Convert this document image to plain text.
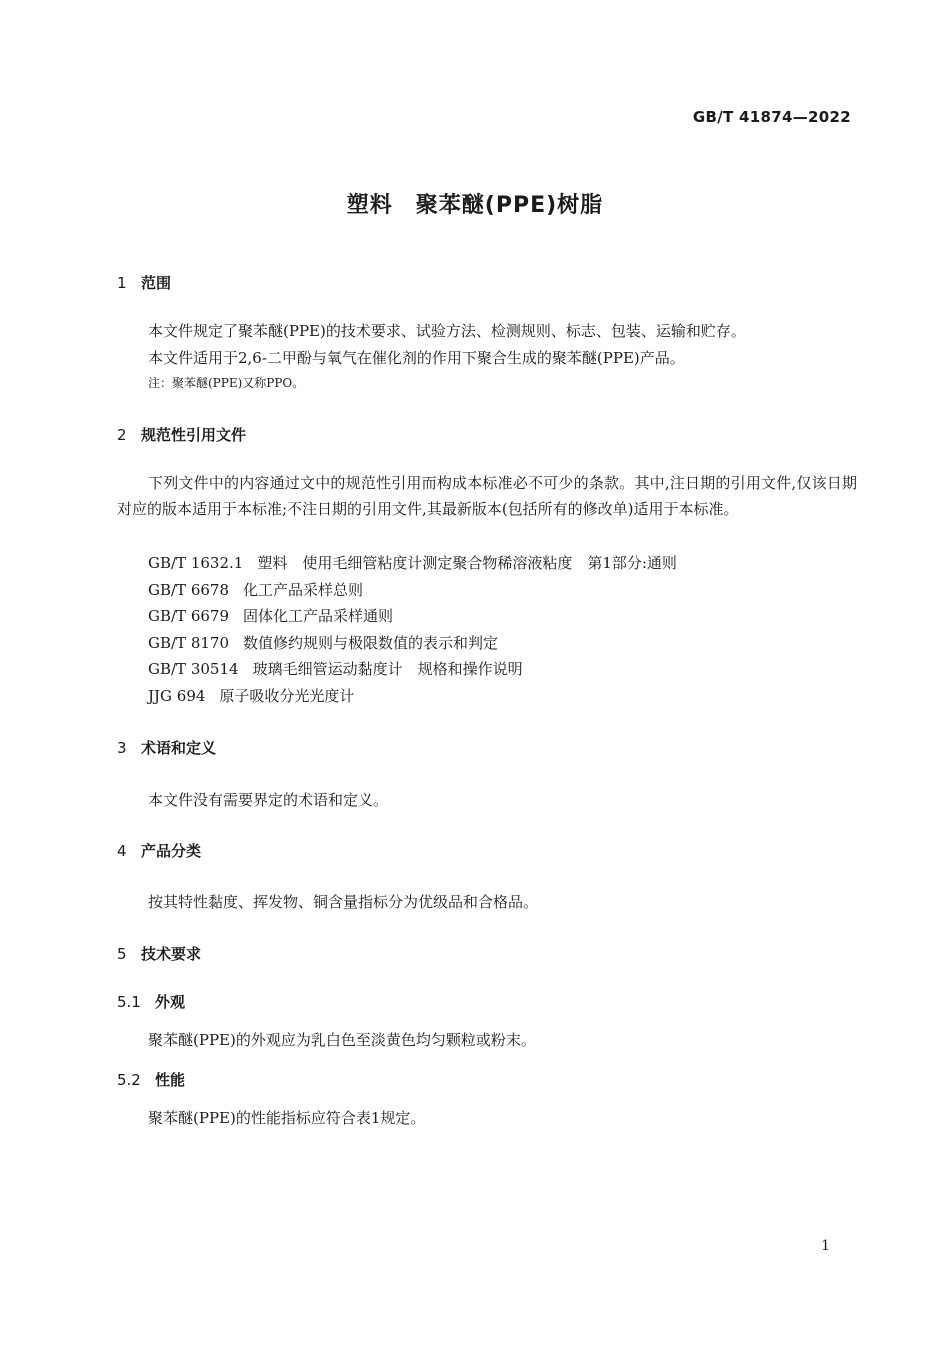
GB/T 41874—2022
塑料　聚苯醚(PPE)树脂
1 范围
本文件规定了聚苯醚(PPE)的技术要求、试验方法、检测规则、标志、包装、运输和贮存。
本文件适用于2,6-二甲酚与氧气在催化剂的作用下聚合生成的聚苯醚(PPE)产品。
注：聚苯醚(PPE)又称PPO。
2 规范性引用文件
下列文件中的内容通过文中的规范性引用而构成本标准必不可少的条款。其中,注日期的引用文件,仅该日期对应的版本适用于本标准;不注日期的引用文件,其最新版本(包括所有的修改单)适用于本标准。
GB/T 1632.1 塑料　使用毛细管粘度计测定聚合物稀溶液粘度　第1部分:通则
GB/T 6678 化工产品采样总则
GB/T 6679 固体化工产品采样通则
GB/T 8170 数值修约规则与极限数值的表示和判定
GB/T 30514 玻璃毛细管运动黏度计　规格和操作说明
JJG 694 原子吸收分光光度计
3 术语和定义
本文件没有需要界定的术语和定义。
4 产品分类
按其特性黏度、挥发物、铜含量指标分为优级品和合格品。
5 技术要求
5.1 外观
聚苯醚(PPE)的外观应为乳白色至淡黄色均匀颗粒或粉末。
5.2 性能
聚苯醚(PPE)的性能指标应符合表1规定。
1
